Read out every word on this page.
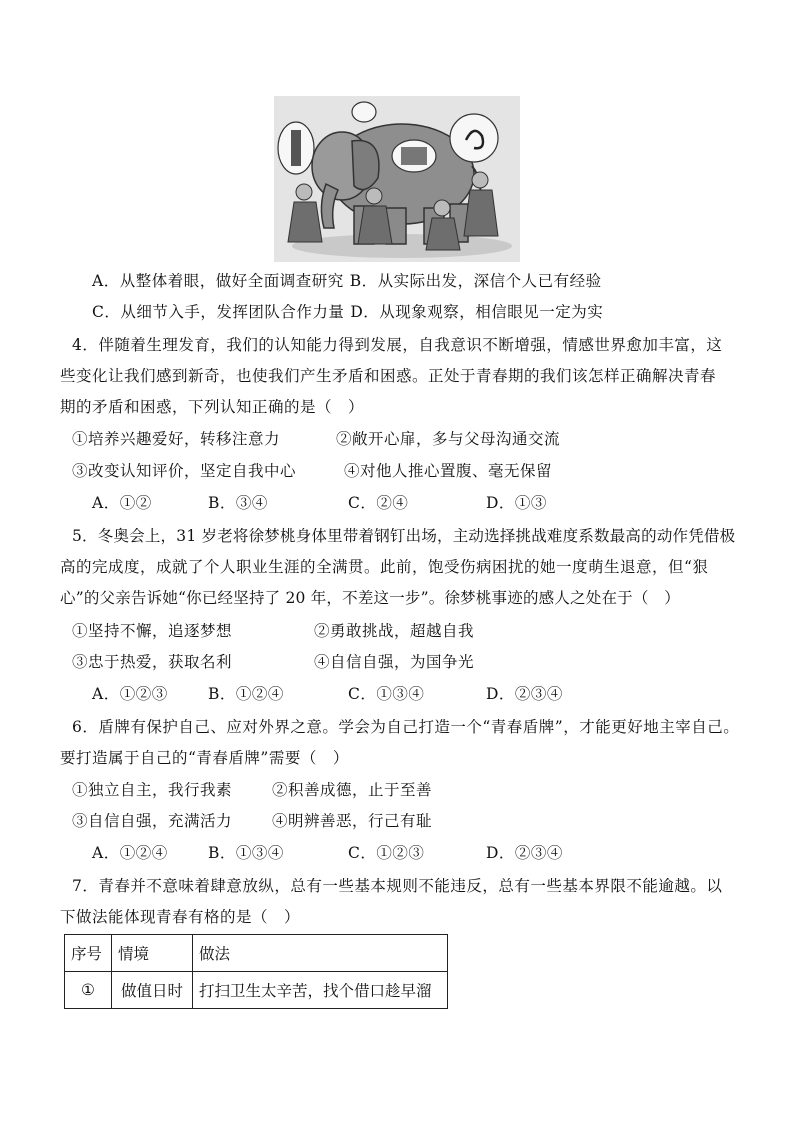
A．从整体着眼，做好全面调查研究 B．从实际出发，深信个人已有经验
C．从细节入手，发挥团队合作力量 D．从现象观察，相信眼见一定为实
4．伴随着生理发育，我们的认知能力得到发展，自我意识不断增强，情感世界愈加丰富，这
些变化让我们感到新奇，也使我们产生矛盾和困惑。正处于青春期的我们该怎样正确解决青春
期的矛盾和困惑，下列认知正确的是（　）
①培养兴趣爱好，转移注意力	②敞开心扉，多与父母沟通交流
③改变认知评价，坚定自我中心	④对他人推心置腹、毫无保留
A．①②	B．③④	C．②④	D．①③
5．冬奥会上，31 岁老将徐梦桃身体里带着钢钉出场，主动选择挑战难度系数最高的动作凭借极
高的完成度，成就了个人职业生涯的全满贯。此前，饱受伤病困扰的她一度萌生退意，但“狠
心”的父亲告诉她“你已经坚持了 20 年，不差这一步”。徐梦桃事迹的感人之处在于（　）
①坚持不懈，追逐梦想	②勇敢挑战，超越自我
③忠于热爱，获取名利	④自信自强，为国争光
A．①②③	B．①②④	C．①③④	D．②③④
6．盾牌有保护自己、应对外界之意。学会为自己打造一个“青春盾牌”，才能更好地主宰自己。
要打造属于自己的“青春盾牌”需要（　）
①独立自主，我行我素	②积善成德，止于至善
③自信自强，充满活力	④明辨善恶，行己有耻
A．①②④	B．①③④	C．①②③	D．②③④
7．青春并不意味着肆意放纵，总有一些基本规则不能违反，总有一些基本界限不能逾越。以
下做法能体现青春有格的是（　）
序号	情境	做法
①	做值日时	打扫卫生太辛苦，找个借口趁早溜
